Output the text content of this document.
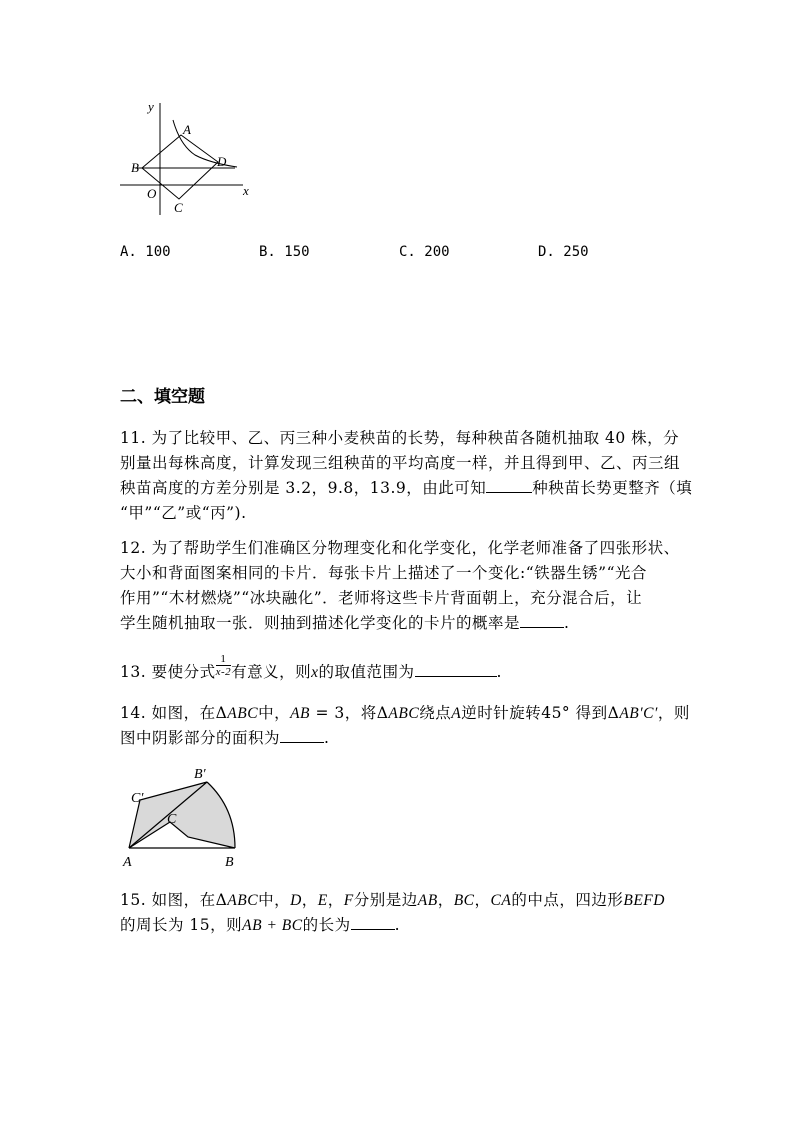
y
x
O
A
B
C
D
A. 100	B. 150	C. 200	D. 250
二、填空题
11. 为了比较甲、乙、丙三种小麦秧苗的长势，每种秧苗各随机抽取 40 株，分
别量出每株高度，计算发现三组秧苗的平均高度一样，并且得到甲、乙、丙三组
秧苗高度的方差分别是 3.2，9.8，13.9，由此可知	种秧苗长势更整齐（填
“甲”“乙”或“丙”).
12. 为了帮助学生们准确区分物理变化和化学变化，化学老师准备了四张形状、
大小和背面图案相同的卡片．每张卡片上描述了一个变化:“铁器生锈”“光合
作用”“木材燃烧”“冰块融化”．老师将这些卡片背面朝上，充分混合后，让
学生随机抽取一张．则抽到描述化学变化的卡片的概率是	.
13. 要使分式 $\frac{1}{x-2}$ 有意义，则x的取值范围为	.
14. 如图，在ΔABC中，AB = 3，将ΔABC绕点A逆时针旋转45° 得到ΔAB′C′，则
图中阴影部分的面积为	.
A	B
C
B′
C′
15. 如图，在ΔABC中，D，E，F分别是边AB，BC，CA的中点，四边形BEFD
的周长为 15，则AB + BC的长为	.
